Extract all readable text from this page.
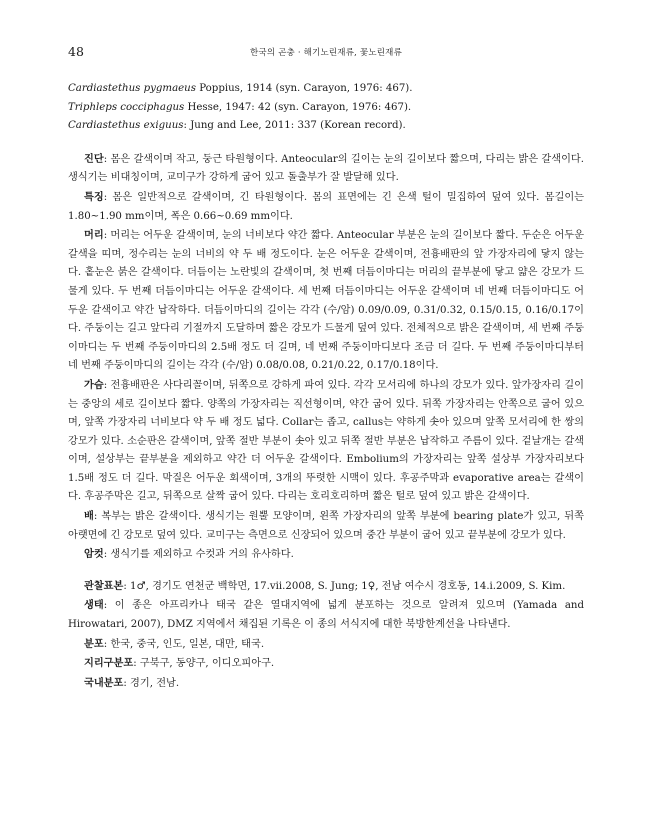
48	한국의 곤충 · 해기노린재류, 꽃노린재류

Cardiastethus pygmaeus Poppius, 1914 (syn. Carayon, 1976: 467).

Triphleps cocciphagus Hesse, 1947: 42 (syn. Carayon, 1976: 467).

Cardiastethus exiguus: Jung and Lee, 2011: 337 (Korean record).

진단: 몸은 갈색이며 작고, 둥근 타원형이다. Anteocular의 길이는 눈의 길이보다 짧으며, 다리는 밝은 갈색이다. 생식기는 비대칭이며, 교미구가 강하게 굽어 있고 돌출부가 잘 발달해 있다.

특징: 몸은 일반적으로 갈색이며, 긴 타원형이다. 몸의 표면에는 긴 은색 털이 밀집하여 덮여 있다. 몸길이는 1.80~1.90 mm이며, 폭은 0.66~0.69 mm이다.

머리: 머리는 어두운 갈색이며, 눈의 너비보다 약간 짧다. Anteocular 부분은 눈의 길이보다 짧다. 두순은 어두운 갈색을 띠며, 정수리는 눈의 너비의 약 두 배 정도이다. 눈은 어두운 갈색이며, 전흉배판의 앞 가장자리에 닿지 않는다. 홑눈은 붉은 갈색이다. 더듬이는 노란빛의 갈색이며, 첫 번째 더듬이마디는 머리의 끝부분에 닿고 얇은 강모가 드물게 있다. 두 번째 더듬이마디는 어두운 갈색이다. 세 번째 더듬이마디는 어두운 갈색이며 네 번째 더듬이마디도 어두운 갈색이고 약간 납작하다. 더듬이마디의 길이는 각각 (수/암) 0.09/0.09, 0.31/0.32, 0.15/0.15, 0.16/0.17이다. 주둥이는 길고 앞다리 기절까지 도달하며 짧은 강모가 드물게 덮여 있다. 전체적으로 밝은 갈색이며, 세 번째 주둥이마디는 두 번째 주둥이마디의 2.5배 정도 더 길며, 네 번째 주둥이마디보다 조금 더 길다. 두 번째 주둥이마디부터 네 번째 주둥이마디의 길이는 각각 (수/암) 0.08/0.08, 0.21/0.22, 0.17/0.18이다.

가슴: 전흉배판은 사다리꼴이며, 뒤쪽으로 강하게 파여 있다. 각각 모서리에 하나의 강모가 있다. 앞가장자리 길이는 중앙의 세로 길이보다 짧다. 양쪽의 가장자리는 직선형이며, 약간 굽어 있다. 뒤쪽 가장자리는 안쪽으로 굽어 있으며, 앞쪽 가장자리 너비보다 약 두 배 정도 넓다. Collar는 좁고, callus는 약하게 솟아 있으며 앞쪽 모서리에 한 쌍의 강모가 있다. 소순판은 갈색이며, 앞쪽 절반 부분이 솟아 있고 뒤쪽 절반 부분은 납작하고 주름이 있다. 겉날개는 갈색이며, 설상부는 끝부분을 제외하고 약간 더 어두운 갈색이다. Embolium의 가장자리는 앞쪽 설상부 가장자리보다 1.5배 정도 더 길다. 막질은 어두운 회색이며, 3개의 뚜렷한 시맥이 있다. 후공주막과 evaporative area는 갈색이다. 후공주막은 길고, 뒤쪽으로 살짝 굽어 있다. 다리는 호리호리하며 짧은 털로 덮여 있고 밝은 갈색이다.

배: 복부는 밝은 갈색이다. 생식기는 원뿔 모양이며, 왼쪽 가장자리의 앞쪽 부분에 bearing plate가 있고, 뒤쪽 아랫면에 긴 강모로 덮여 있다. 교미구는 측면으로 신장되어 있으며 중간 부분이 굽어 있고 끝부분에 강모가 있다.

암컷: 생식기를 제외하고 수컷과 거의 유사하다.

관찰표본: 1♂, 경기도 연천군 백학면, 17.vii.2008, S. Jung; 1♀, 전남 여수시 경호동, 14.i.2009, S. Kim.

생태: 이 종은 아프리카나 태국 같은 열대지역에 넓게 분포하는 것으로 알려져 있으며 (Yamada and Hirowatari, 2007), DMZ 지역에서 채집된 기록은 이 종의 서식지에 대한 북방한계선을 나타낸다.

분포: 한국, 중국, 인도, 일본, 대만, 태국.

지리구분포: 구북구, 동양구, 이디오피아구.

국내분포: 경기, 전남.
